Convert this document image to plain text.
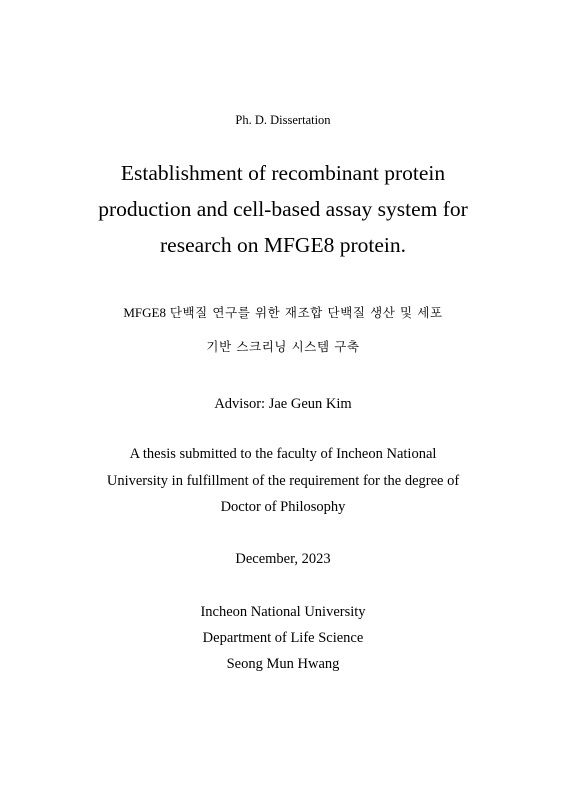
Ph. D. Dissertation
Establishment of recombinant protein
production and cell-based assay system for
research on MFGE8 protein.
MFGE8 단백질 연구를 위한 재조합 단백질 생산 및 세포
기반 스크리닝 시스템 구축
Advisor: Jae Geun Kim
A thesis submitted to the faculty of Incheon National
University in fulfillment of the requirement for the degree of
Doctor of Philosophy
December, 2023
Incheon National University
Department of Life Science
Seong Mun Hwang
